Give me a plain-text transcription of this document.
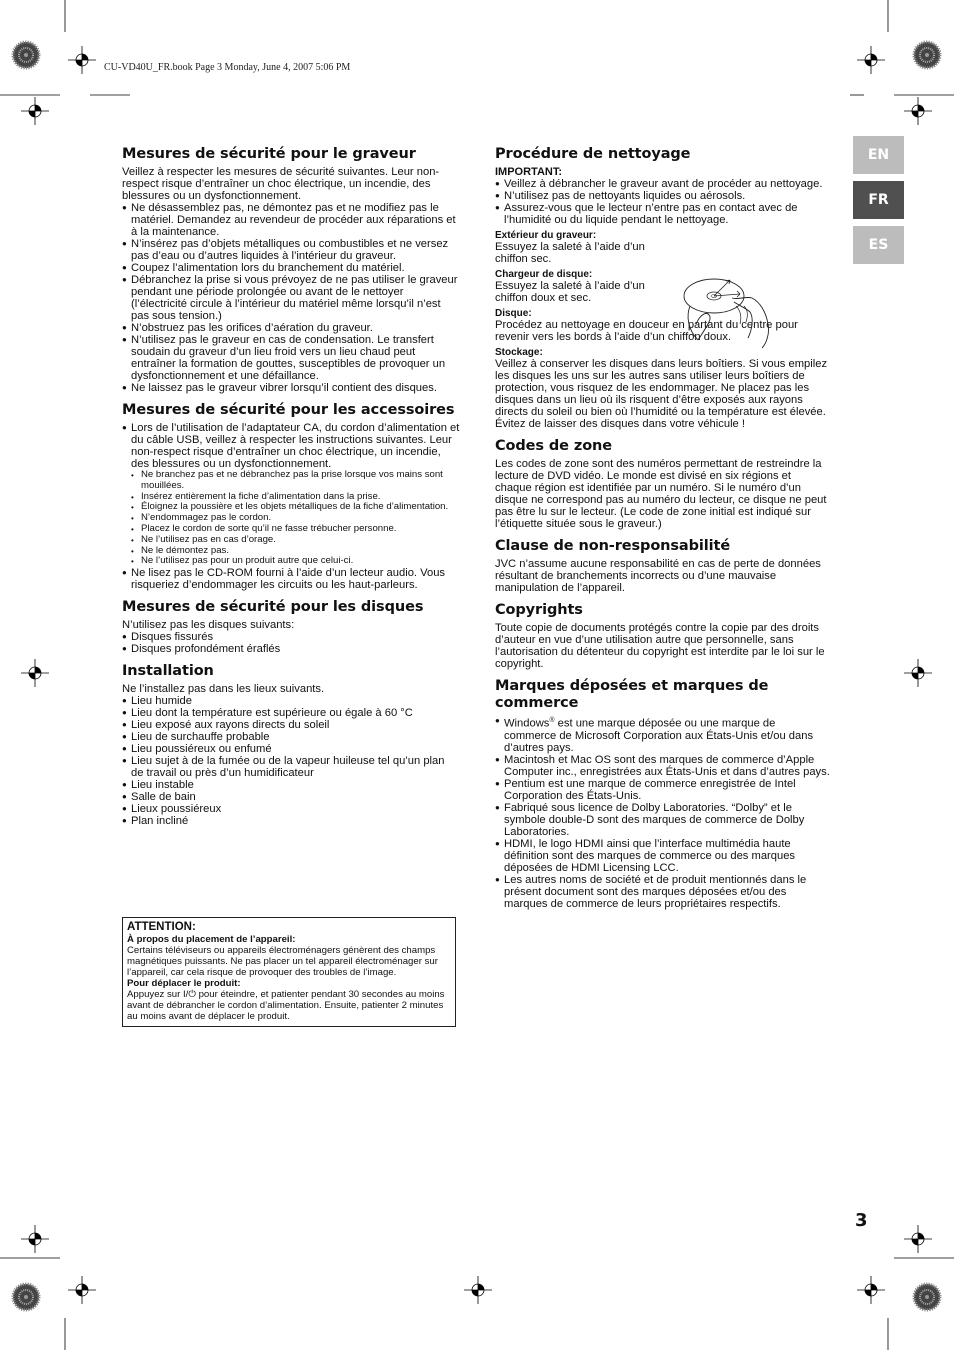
CU-VD40U_FR.book Page 3 Monday, June 4, 2007 5:06 PM
EN
FR
ES
Mesures de sécurité pour le graveur

Veillez à respecter les mesures de sécurité suivantes. Leur non-respect risque d’entraîner un choc électrique, un incendie, des blessures ou un dysfonctionnement.

● Ne désassemblez pas, ne démontez pas et ne modifiez pas le matériel. Demandez au revendeur de procéder aux réparations et à la maintenance.
● N’insérez pas d’objets métalliques ou combustibles et ne versez pas d’eau ou d’autres liquides à l’intérieur du graveur.
● Coupez l’alimentation lors du branchement du matériel.
● Débranchez la prise si vous prévoyez de ne pas utiliser le graveur pendant une période prolongée ou avant de le nettoyer (l’électricité circule à l’intérieur du matériel même lorsqu’il n’est pas sous tension.)
● N’obstruez pas les orifices d’aération du graveur.
● N’utilisez pas le graveur en cas de condensation. Le transfert soudain du graveur d’un lieu froid vers un lieu chaud peut entraîner la formation de gouttes, susceptibles de provoquer un dysfonctionnement et une défaillance.
● Ne laissez pas le graveur vibrer lorsqu’il contient des disques.
Mesures de sécurité pour les accessoires
● Lors de l’utilisation de l’adaptateur CA, du cordon d’alimentation et du câble USB, veillez à respecter les instructions suivantes. Leur non-respect risque d’entraîner un choc électrique, un incendie, des blessures ou un dysfonctionnement.
• Ne branchez pas et ne débranchez pas la prise lorsque vos mains sont mouillées.
• Insérez entièrement la fiche d’alimentation dans la prise.
• Éloignez la poussière et les objets métalliques de la fiche d’alimentation.
• N’endommagez pas le cordon.
• Placez le cordon de sorte qu’il ne fasse trébucher personne.
• Ne l’utilisez pas en cas d’orage.
• Ne le démontez pas.
• Ne l’utilisez pas pour un produit autre que celui-ci.
● Ne lisez pas le CD-ROM fourni à l’aide d’un lecteur audio. Vous risqueriez d’endommager les circuits ou les haut-parleurs.
Mesures de sécurité pour les disques

N’utilisez pas les disques suivants:

● Disques fissurés
● Disques profondément éraflés
Installation

Ne l’installez pas dans les lieux suivants.

● Lieu humide
● Lieu dont la température est supérieure ou égale à 60 °C
● Lieu exposé aux rayons directs du soleil
● Lieu de surchauffe probable
● Lieu poussiéreux ou enfumé
● Lieu sujet à de la fumée ou de la vapeur huileuse tel qu’un plan de travail ou près d’un humidificateur
● Lieu instable
● Salle de bain
● Lieux poussiéreux
● Plan incliné
ATTENTION:
À propos du placement de l’appareil:

Certains téléviseurs ou appareils électroménagers génèrent des champs magnétiques puissants. Ne pas placer un tel appareil électroménager sur l’appareil, car cela risque de provoquer des troubles de l’image.

Pour déplacer le produit:

Appuyez sur I/⏻ pour éteindre, et patienter pendant 30 secondes au moins avant de débrancher le cordon d’alimentation. Ensuite, patienter 2 minutes au moins avant de déplacer le produit.

Procédure de nettoyage
IMPORTANT:
● Veillez à débrancher le graveur avant de procéder au nettoyage.
● N’utilisez pas de nettoyants liquides ou aérosols.
● Assurez-vous que le lecteur n’entre pas en contact avec de l’humidité ou du liquide pendant le nettoyage.
Extérieur du graveur:

Essuyez la saleté à l’aide d’un chiffon sec.

Chargeur de disque:

Essuyez la saleté à l’aide d’un chiffon doux et sec.

Disque:

Procédez au nettoyage en douceur en partant du centre pour revenir vers les bords à l’aide d’un chiffon doux.

Stockage:

Veillez à conserver les disques dans leurs boîtiers. Si vous empilez les disques les uns sur les autres sans utiliser leurs boîtiers de protection, vous risquez de les endommager. Ne placez pas les disques dans un lieu où ils risquent d’être exposés aux rayons directs du soleil ou bien où l’humidité ou la température est élevée. Évitez de laisser des disques dans votre véhicule !

Codes de zone

Les codes de zone sont des numéros permettant de restreindre la lecture de DVD vidéo. Le monde est divisé en six régions et chaque région est identifiée par un numéro. Si le numéro d’un disque ne correspond pas au numéro du lecteur, ce disque ne peut pas être lu sur le lecteur. (Le code de zone initial est indiqué sur l’étiquette située sous le graveur.)

Clause de non-responsabilité

JVC n’assume aucune responsabilité en cas de perte de données résultant de branchements incorrects ou d’une mauvaise manipulation de l’appareil.

Copyrights

Toute copie de documents protégés contre la copie par des droits d’auteur en vue d’une utilisation autre que personnelle, sans l’autorisation du détenteur du copyright est interdite par le loi sur le copyright.

Marques déposées et marques de commerce
● Windows® est une marque déposée ou une marque de commerce de Microsoft Corporation aux États-Unis et/ou dans d’autres pays.
● Macintosh et Mac OS sont des marques de commerce d’Apple Computer inc., enregistrées aux États-Unis et dans d’autres pays.
● Pentium est une marque de commerce enregistrée de Intel Corporation des États-Unis.
● Fabriqué sous licence de Dolby Laboratories. “Dolby” et le symbole double-D sont des marques de commerce de Dolby Laboratories.
● HDMI, le logo HDMI ainsi que l’interface multimédia haute définition sont des marques de commerce ou des marques déposées de HDMI Licensing LCC.
● Les autres noms de société et de produit mentionnés dans le présent document sont des marques déposées et/ou des marques de commerce de leurs propriétaires respectifs.
3
